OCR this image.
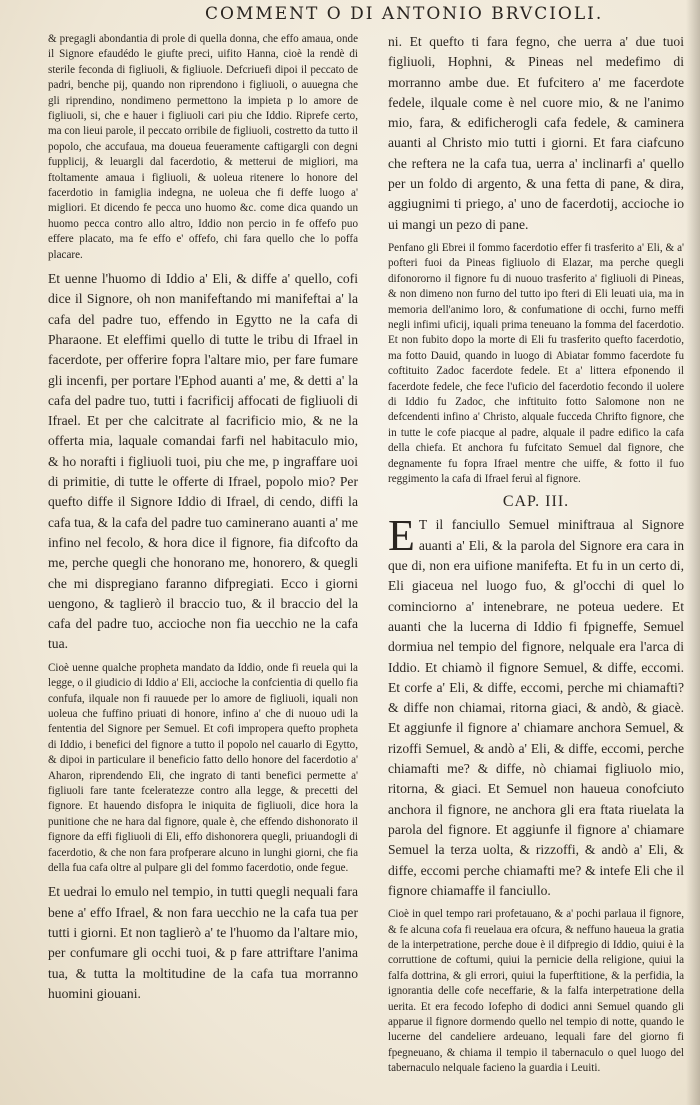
COMMENT O DI ANTONIO BRVCIOLI.

& pregagli abondantia di prole di quella donna, che effo amaua, onde il Signore efaudédo le giufte preci, uifito Hanna, cioè la rendè di sterile feconda di figliuoli, & figliuole. Defcriuefi dipoi il peccato de padri, benche pij, quando non riprendono i figliuoli, o auuegna che gli riprendino, nondimeno permettono la impieta p lo amore de figliuoli, si, che e hauer i figliuoli cari piu che Iddio. Riprefe certo, ma con lieui parole, il peccato orribile de figliuoli, costretto da tutto il popolo, che accufaua, ma doueua feueramente caftigargli con degni fupplicij, & leuargli dal facerdotio, & metterui de migliori, ma ftoltamente amaua i figliuoli, & uoleua ritenere lo honore del facerdotio in famiglia indegna, ne uoleua che fi deffe luogo a' migliori. Et dicendo fe pecca uno huomo &c. come dica quando un huomo pecca contro allo altro, Iddio non percio in fe offefo puo effere placato, ma fe effo e' offefo, chi fara quello che lo poffa placare.

Et uenne l'huomo di Iddio a' Eli, & diffe a' quello, cofi dice il Signore, oh non manifeftando mi manifeftai a' la cafa del padre tuo, effendo in Egytto ne la cafa di Pharaone. Et eleffimi quello di tutte le tribu di Ifrael in facerdote, per offerire fopra l'altare mio, per fare fumare gli incenfi, per portare l'Ephod auanti a' me, & detti a' la cafa del padre tuo, tutti i facrificij affocati de figliuoli di Ifrael. Et per che calcitrate al facrificio mio, & ne la offerta mia, laquale comandai farfi nel habitaculo mio, & ho norafti i figliuoli tuoi, piu che me, p ingraffare uoi di primitie, di tutte le offerte di Ifrael, popolo mio? Per quefto diffe il Signore Iddio di Ifrael, di cendo, diffi la cafa tua, & la cafa del padre tuo caminerano auanti a' me infino nel fecolo, & hora dice il fignore, fia difcofto da me, perche quegli che honorano me, honorero, & quegli che mi dispregiano faranno difpregiati. Ecco i giorni uengono, & taglierò il braccio tuo, & il braccio del la cafa del padre tuo, accioche non fia uecchio ne la cafa tua.

Cioè uenne qualche propheta mandato da Iddio, onde fi reuela qui la legge, o il giudicio di Iddio a' Eli, accioche la confcientia di quello fia confufa, ilquale non fi rauuede per lo amore de figliuoli, iquali non uoleua che fuffino priuati di honore, infino a' che di nuouo udi la fententia del Signore per Semuel. Et cofi impropera quefto propheta di Iddio, i benefici del fignore a tutto il popolo nel cauarlo di Egytto, & dipoi in particulare il beneficio fatto dello honore del facerdotio a' Aharon, riprendendo Eli, che ingrato di tanti benefici permette a' figliuoli fare tante fceleratezze contro alla legge, & precetti del fignore. Et hauendo disfopra le iniquita de figliuoli, dice hora la punitione che ne hara dal fignore, quale è, che effendo dishonorato il fignore da effi figliuoli di Eli, effo dishonorera quegli, priuandogli di facerdotio, & che non fara profperare alcuno in lunghi giorni, che fia della fua cafa oltre al pulpare gli del fommo facerdotio, onde fegue.

Et uedrai lo emulo nel tempio, in tutti quegli nequali fara bene a' effo Ifrael, & non fara uecchio ne la cafa tua per tutti i giorni. Et non taglierò a' te l'huomo da l'altare mio, per confumare gli occhi tuoi, & p fare attriftare l'anima tua, & tutta la moltitudine de la cafa tua morranno huomini giouani.

ni. Et quefto ti fara fegno, che uerra a' due tuoi figliuoli, Hophni, & Pineas nel medefimo di morranno ambe due. Et fufcitero a' me facerdote fedele, ilquale come è nel cuore mio, & ne l'animo mio, fara, & edificherogli cafa fedele, & caminera auanti al Christo mio tutti i giorni. Et fara ciafcuno che reftera ne la cafa tua, uerra a' inclinarfi a' quello per un foldo di argento, & una fetta di pane, & dira, aggiugnimi ti priego, a' uno de facerdotij, accioche io ui mangi un pezo di pane.

Penfano gli Ebrei il fommo facerdotio effer fi trasferito a' Eli, & a' pofteri fuoi da Pineas figliuolo di Elazar, ma perche quegli difonororno il fignore fu di nuouo trasferito a' figliuoli di Pineas, & non dimeno non furno del tutto ipo fteri di Eli leuati uia, ma in memoria dell'animo loro, & confumatione di occhi, furno meffi negli infimi uficij, iquali prima teneuano la fomma del facerdotio. Et non fubito dopo la morte di Eli fu trasferito quefto facerdotio, ma fotto Dauid, quando in luogo di Abiatar fommo facerdote fu coftituito Zadoc facerdote fedele. Et a' littera efponendo il facerdote fedele, che fece l'uficio del facerdotio fecondo il uolere di Iddio fu Zadoc, che inftituito fotto Salomone non ne defcendenti infino a' Christo, alquale fucceda Chrifto fignore, che in tutte le cofe piacque al padre, alquale il padre edifico la cafa della chiefa. Et anchora fu fufcitato Semuel dal fignore, che degnamente fu fopra Ifrael mentre che uiffe, & fotto il fuo reggimento la cafa di Ifrael feruì al fignore.

CAP. III.

E T il fanciullo Semuel miniftraua al Signore auanti a' Eli, & la parola del Signore era cara in que di, non era uifione manifefta. Et fu in un certo di, Eli giaceua nel luogo fuo, & gl'occhi di quel lo cominciorno a' intenebrare, ne poteua uedere. Et auanti che la lucerna di Iddio fi fpigneffe, Semuel dormiua nel tempio del fignore, nelquale era l'arca di Iddio. Et chiamò il fignore Semuel, & diffe, eccomi. Et corfe a' Eli, & diffe, eccomi, perche mi chiamafti? & diffe non chiamai, ritorna giaci, & andò, & giacè. Et aggiunfe il fignore a' chiamare anchora Semuel, & rizoffi Semuel, & andò a' Eli, & diffe, eccomi, perche chiamafti me? & diffe, nò chiamai figliuolo mio, ritorna, & giaci. Et Semuel non haueua conofciuto anchora il fignore, ne anchora gli era ftata riuelata la parola del fignore. Et aggiunfe il fignore a' chiamare Semuel la terza uolta, & rizzoffi, & andò a' Eli, & diffe, eccomi perche chiamafti me? & intefe Eli che il fignore chiamaffe il fanciullo.

Cioè in quel tempo rari profetauano, & a' pochi parlaua il fignore, & fe alcuna cofa fi reuelaua era ofcura, & neffuno haueua la gratia de la interpetratione, perche doue è il difpregio di Iddio, quiui è la corruttione de coftumi, quiui la pernicie della religione, quiui la falfa dottrina, & gli errori, quiui la fuperftitione, & la perfidia, la ignorantia delle cofe neceffarie, & la falfa interpetratione della uerita. Et era fecodo Iofepho di dodici anni Semuel quando gli apparue il fignore dormendo quello nel tempio di notte, quando le lucerne del candeliere ardeuano, lequali fare del giorno fi fpegneuano, & chiama il tempio il tabernaculo o quel luogo del tabernaculo nelquale facieno la guardia i Leuiti.
